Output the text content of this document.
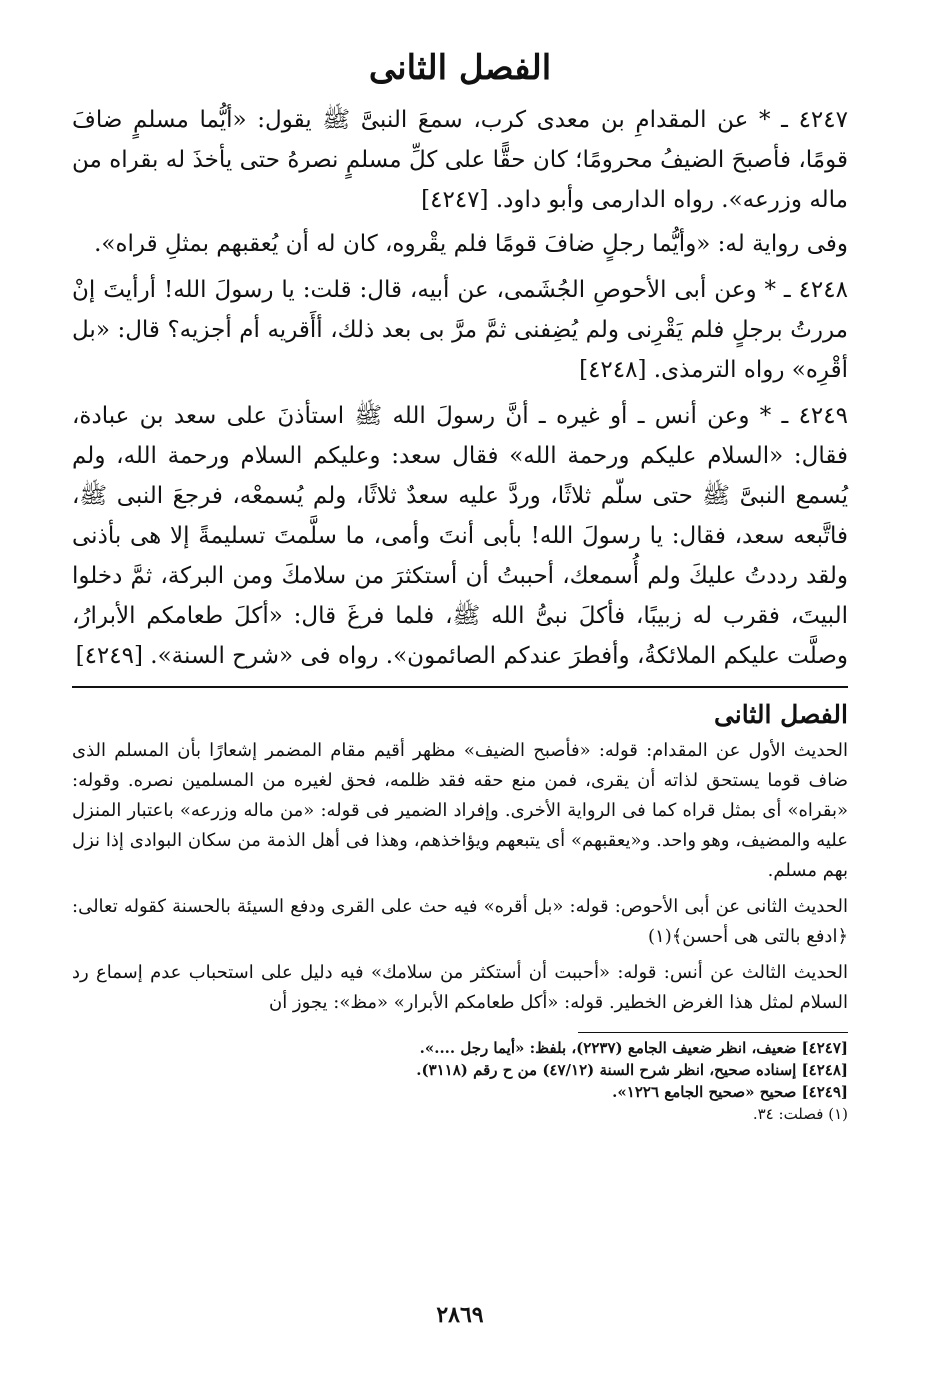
الفصل الثانى

٤٢٤٧ ـ * عن المقدامِ بن معدى كرب، سمعَ النبىَّ ﷺ يقول: «أيُّما مسلمٍ ضافَ قومًا، فأصبحَ الضيفُ محرومًا؛ كان حقًّا على كلِّ مسلمٍ نصرهُ حتى يأخذَ له بقراه من ماله وزرعه». رواه الدارمى وأبو داود. [٤٢٤٧]

وفى رواية له: «وأيُّما رجلٍ ضافَ قومًا فلم يقْروه، كان له أن يُعقبهم بمثلِ قراه».

٤٢٤٨ ـ * وعن أبى الأحوصِ الجُشَمى، عن أبيه، قال: قلت: يا رسولَ الله! أرأيتَ إنْ مررتُ برجلٍ فلم يَقْرِنى ولم يُضِفنى ثمَّ مرَّ بى بعد ذلك، أأَقريه أم أجزيه؟ قال: «بل أقْرِه» رواه الترمذى. [٤٢٤٨]

٤٢٤٩ ـ * وعن أنس ـ أو غيره ـ أنَّ رسولَ الله ﷺ استأذنَ على سعد بن عبادة، فقال: «السلام عليكم ورحمة الله» فقال سعد: وعليكم السلام ورحمة الله، ولم يُسمع النبىَّ ﷺ حتى سلّم ثلاثًا، وردَّ عليه سعدٌ ثلاثًا، ولم يُسمعْه، فرجعَ النبى ﷺ، فاتَّبعه سعد، فقال: يا رسولَ الله! بأبى أنتَ وأمى، ما سلَّمتَ تسليمةً إلا هى بأذنى ولقد رددتُ عليكَ ولم أُسمعك، أحببتُ أن أستكثرَ من سلامكَ ومن البركة، ثمَّ دخلوا البيتَ، فقرب له زبيبًا، فأكلَ نبىُّ الله ﷺ، فلما فرغَ قال: «أكلَ طعامكم الأبرارُ، وصلَّت عليكم الملائكةُ، وأفطرَ عندكم الصائمون». رواه فى «شرح السنة». [٤٢٤٩]

الفصل الثانى

الحديث الأول عن المقدام: قوله: «فأصبح الضيف» مظهر أقيم مقام المضمر إشعارًا بأن المسلم الذى ضاف قوما يستحق لذاته أن يقرى، فمن منع حقه فقد ظلمه، فحق لغيره من المسلمين نصره. وقوله: «بقراه» أى بمثل قراه كما فى الرواية الأخرى. وإفراد الضمير فى قوله: «من ماله وزرعه» باعتبار المنزل عليه والمضيف، وهو واحد. و«يعقبهم» أى يتبعهم ويؤاخذهم، وهذا فى أهل الذمة من سكان البوادى إذا نزل بهم مسلم.

الحديث الثانى عن أبى الأحوص: قوله: «بل أقره» فيه حث على القرى ودفع السيئة بالحسنة كقوله تعالى: ﴿ادفع بالتى هى أحسن﴾(١)

الحديث الثالث عن أنس: قوله: «أحببت أن أستكثر من سلامك» فيه دليل على استحباب عدم إسماع رد السلام لمثل هذا الغرض الخطير. قوله: «أكل طعامكم الأبرار» «مظ»: يجوز أن

[٤٢٤٧] ضعيف، انظر ضعيف الجامع (٢٢٣٧)، بلفظ: «أيما رجل ....».

[٤٢٤٨] إسناده صحيح، انظر شرح السنة (٤٧/١٢) من ح رقم (٣١١٨).

[٤٢٤٩] صحيح «صحيح الجامع ١٢٢٦».

(١) فصلت: ٣٤.

٢٨٦٩
